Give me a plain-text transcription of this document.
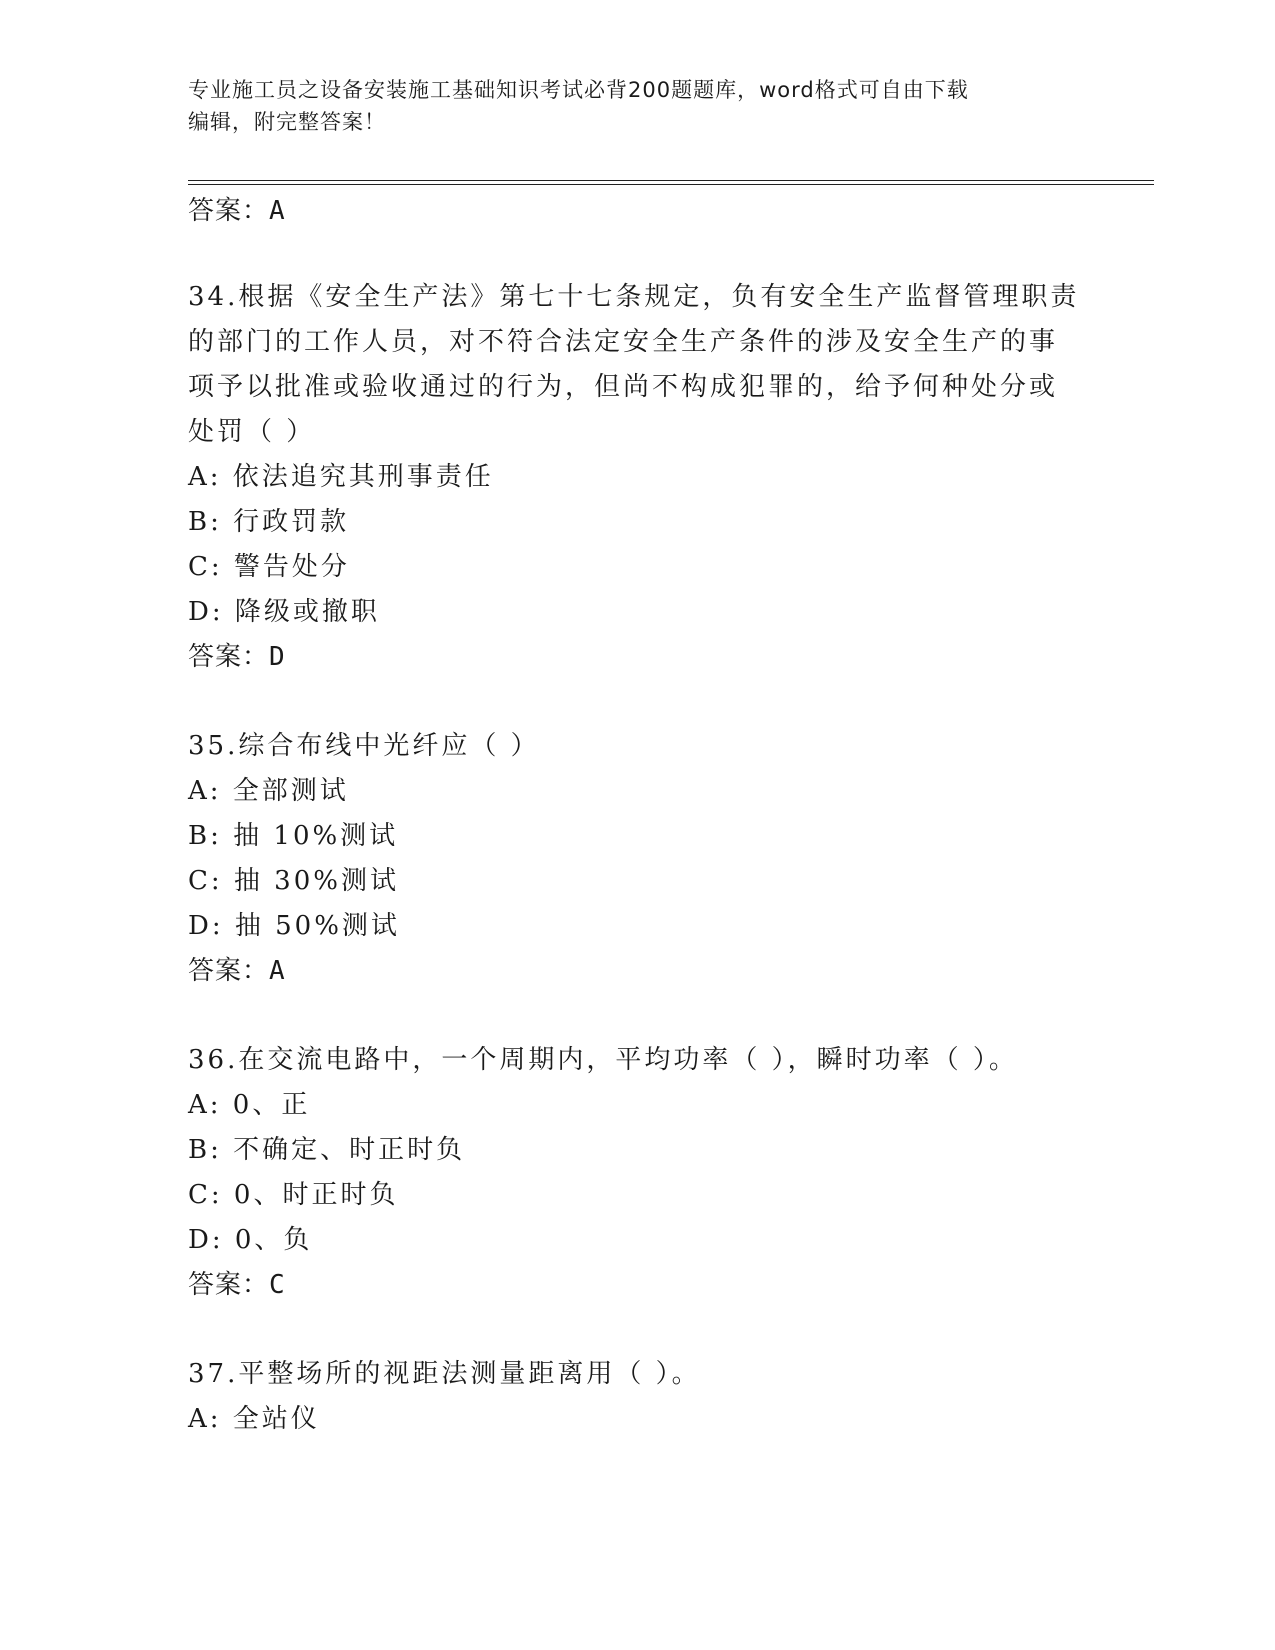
专业施工员之设备安装施工基础知识考试必背200题题库，word格式可自由下载
编辑，附完整答案！
答案：A
34.根据《安全生产法》第七十七条规定，负有安全生产监督管理职责
的部门的工作人员，对不符合法定安全生产条件的涉及安全生产的事
项予以批准或验收通过的行为，但尚不构成犯罪的，给予何种处分或
处罚（ ）
A: 依法追究其刑事责任
B: 行政罚款
C: 警告处分
D: 降级或撤职
答案：D
35.综合布线中光纤应（ ）
A: 全部测试
B: 抽 10%测试
C: 抽 30%测试
D: 抽 50%测试
答案：A
36.在交流电路中，一个周期内，平均功率（ ），瞬时功率（ ）。
A: 0、正
B: 不确定、时正时负
C: 0、时正时负
D: 0、负
答案：C
37.平整场所的视距法测量距离用（ ）。
A: 全站仪
